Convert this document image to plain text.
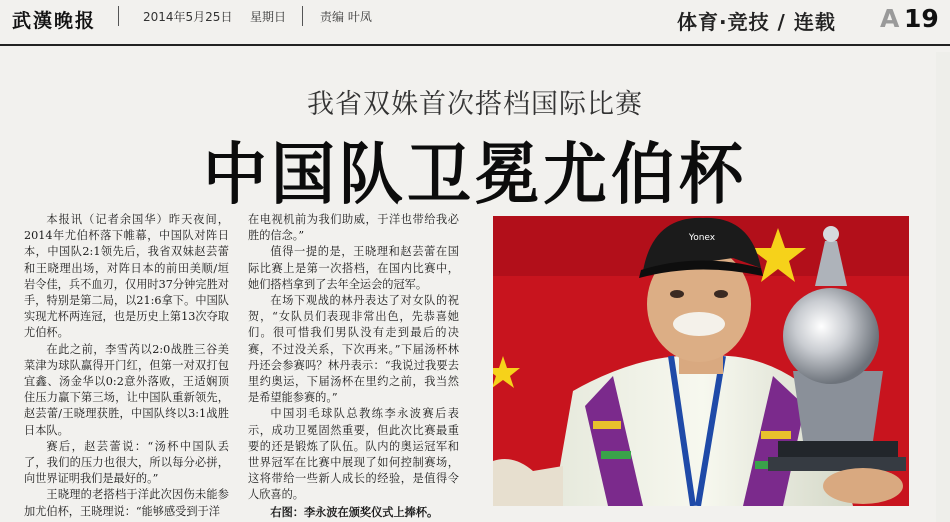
武漢晚报	2014年5月25日 星期日	责编 叶凤	体育·竞技 / 连载 A 19
我省双姝首次搭档国际比赛
中国队卫冕尤伯杯

本报讯（记者余国华）昨天夜间，2014年尤伯杯落下帷幕，中国队对阵日本，中国队2:1领先后，我省双妹赵芸蕾和王晓理出场，对阵日本的前田美顺/垣岩令佳，兵不血刃，仅用时37分钟完胜对手，特别是第二局，以21:6拿下。中国队实现尤杯两连冠，也是历史上第13次夺取尤伯杯。

在此之前，李雪芮以2:0战胜三谷美菜津为球队赢得开门红，但第一对双打包宜鑫、汤金华以0:2意外落败，王适娴顶住压力赢下第三场，让中国队重新领先，赵芸蕾/王晓理获胜，中国队终以3:1战胜日本队。

赛后，赵芸蕾说：“汤杯中国队丢了，我们的压力也很大，所以每分必拼，向世界证明我们是最好的。”

王晓理的老搭档于洋此次因伤未能参加尤伯杯，王晓理说：“能够感受到于洋

在电视机前为我们助威，于洋也带给我必胜的信念。”

值得一提的是，王晓理和赵芸蕾在国际比赛上是第一次搭档，在国内比赛中，她们搭档拿到了去年全运会的冠军。

在场下观战的林丹表达了对女队的祝贺，“女队员们表现非常出色，先恭喜她们。很可惜我们男队没有走到最后的决赛，不过没关系，下次再来。”下届汤杯林丹还会参赛吗？林丹表示：“我说过我要去里约奥运，下届汤杯在里约之前，我当然是希望能参赛的。”

中国羽毛球队总教练李永波赛后表示，成功卫冕固然重要，但此次比赛最重要的还是锻炼了队伍。队内的奥运冠军和世界冠军在比赛中展现了如何控制赛场，这将带给一些新人成长的经验，是值得令人欣喜的。

右图：李永波在颁奖仪式上捧杯。

Yonex
